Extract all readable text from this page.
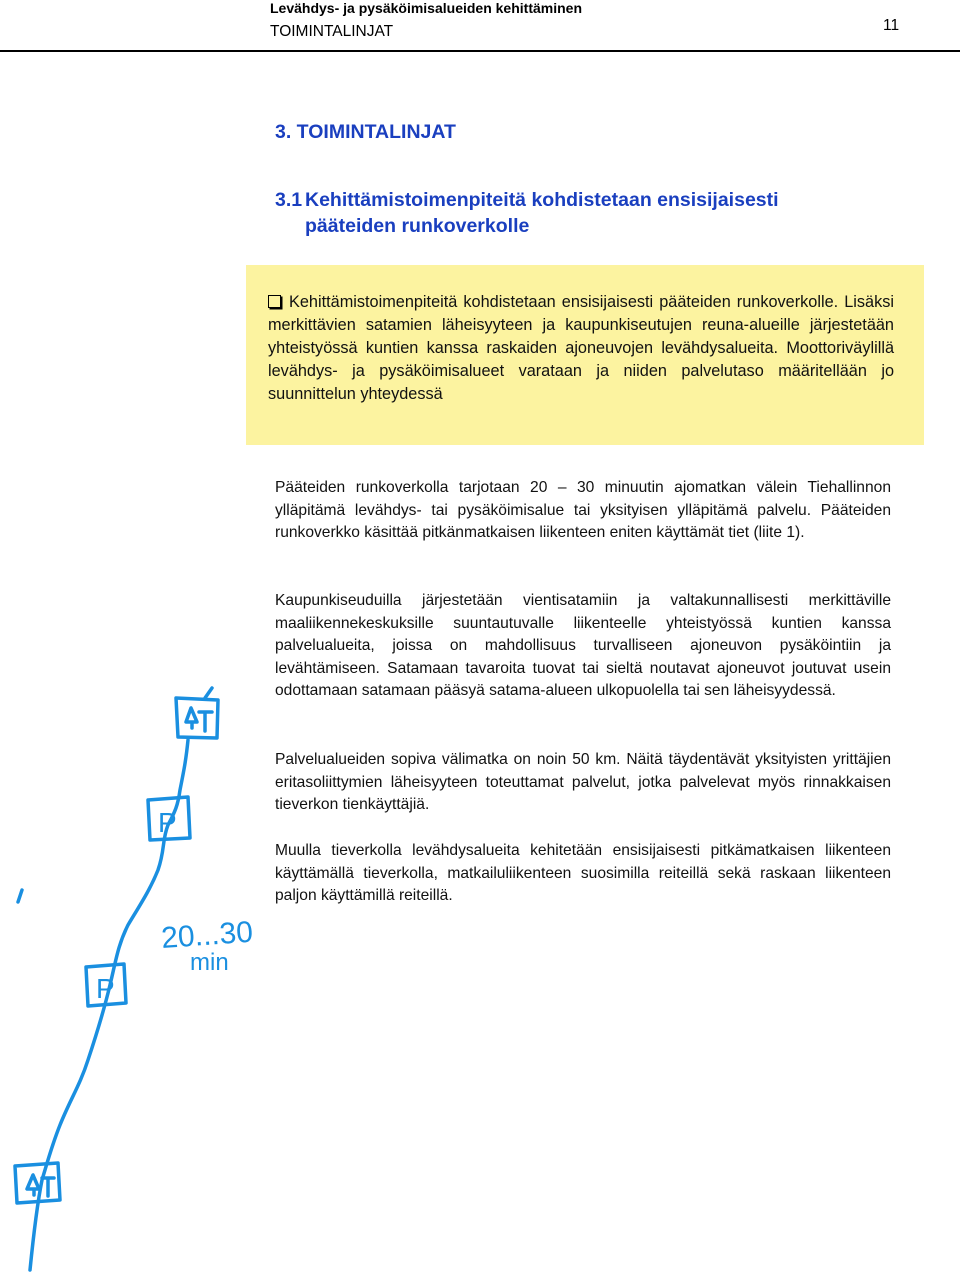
Levähdys- ja pysäköimisalueiden kehittäminen
TOIMINTALINJAT	11
3. TOIMINTALINJAT
3.1 Kehittämistoimenpiteitä kohdistetaan ensisijaisesti
pääteiden runkoverkolle
Kehittämistoimenpiteitä kohdistetaan ensisijaisesti pääteiden runkoverkolle. Lisäksi merkittävien satamien läheisyyteen ja kaupunkiseutujen reuna-alueille järjestetään yhteistyössä kuntien kanssa raskaiden ajoneuvojen levähdysalueita. Moottoriväylillä levähdys- ja pysäköimisalueet varataan ja niiden palvelutaso määritellään jo suunnittelun yhteydessä
Pääteiden runkoverkolla tarjotaan 20 – 30 minuutin ajomatkan välein Tiehallinnon ylläpitämä levähdys- tai pysäköimisalue tai yksityisen ylläpitämä palvelu. Pääteiden runkoverkko käsittää pitkänmatkaisen liikenteen eniten käyttämät tiet (liite 1).
Kaupunkiseuduilla järjestetään vientisatamiin ja valtakunnallisesti merkittäville maaliikennekeskuksille suuntautuvalle liikenteelle yhteistyössä kuntien kanssa palvelualueita, joissa on mahdollisuus turvalliseen ajoneuvon pysäköintiin ja levähtämiseen. Satamaan tavaroita tuovat tai sieltä noutavat ajoneuvot joutuvat usein odottamaan satamaan pääsyä satama-alueen ulkopuolella tai sen läheisyydessä.
Palvelualueiden sopiva välimatka on noin 50 km. Näitä täydentävät yksityisten yrittäjien eritasoliittymien läheisyyteen toteuttamat palvelut, jotka palvelevat myös rinnakkaisen tieverkon tienkäyttäjiä.
Muulla tieverkolla levähdysalueita kehitetään ensisijaisesti pitkämatkaisen liikenteen käyttämällä tieverkolla, matkailuliikenteen suosimilla reiteillä sekä raskaan liikenteen paljon käyttämillä reiteillä.
P
P
20...30
min
